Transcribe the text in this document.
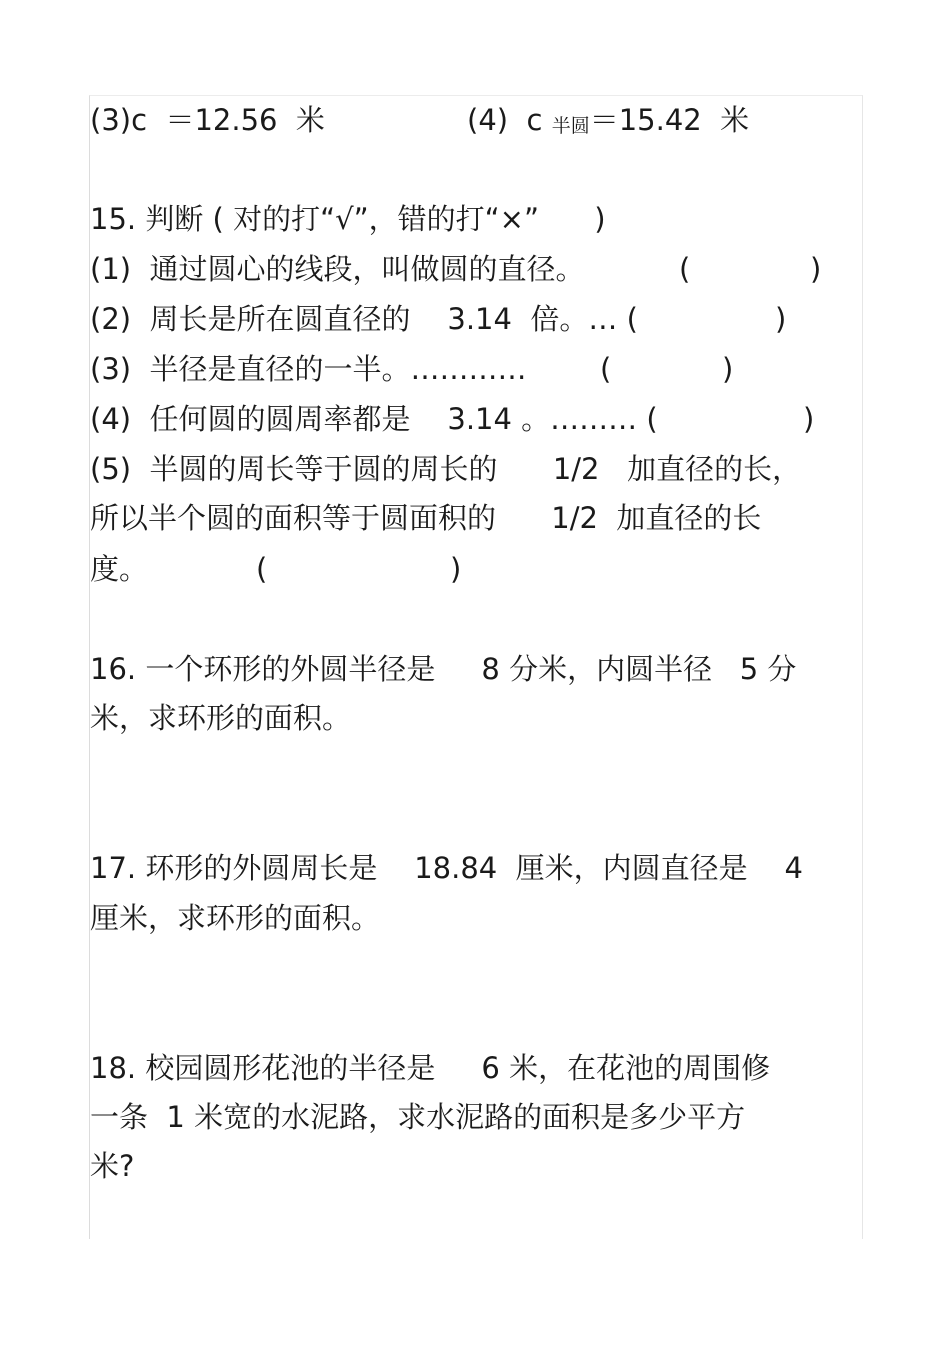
(3)c  ＝12.56  米	(4)  c 半圆＝15.42  米
15. 判断 ( 对的打“√”，错的打“×”      )
(1)  通过圆心的线段，叫做圆的直径。	(	)
(2)  周长是所在圆直径的    3.14  倍。… (	)
(3)  半径是直径的一半。…………	(	)
(4)  任何圆的圆周率都是    3.14 。……… (	)
(5)  半圆的周长等于圆的周长的      1/2   加直径的长，
所以半个圆的面积等于圆面积的      1/2  加直径的长
度。	(	)
16. 一个环形的外圆半径是     8 分米，内圆半径   5 分
米，求环形的面积。
17. 环形的外圆周长是    18.84  厘米，内圆直径是    4
厘米，求环形的面积。
18. 校园圆形花池的半径是     6 米，在花池的周围修
一条  1 米宽的水泥路，求水泥路的面积是多少平方
米?
